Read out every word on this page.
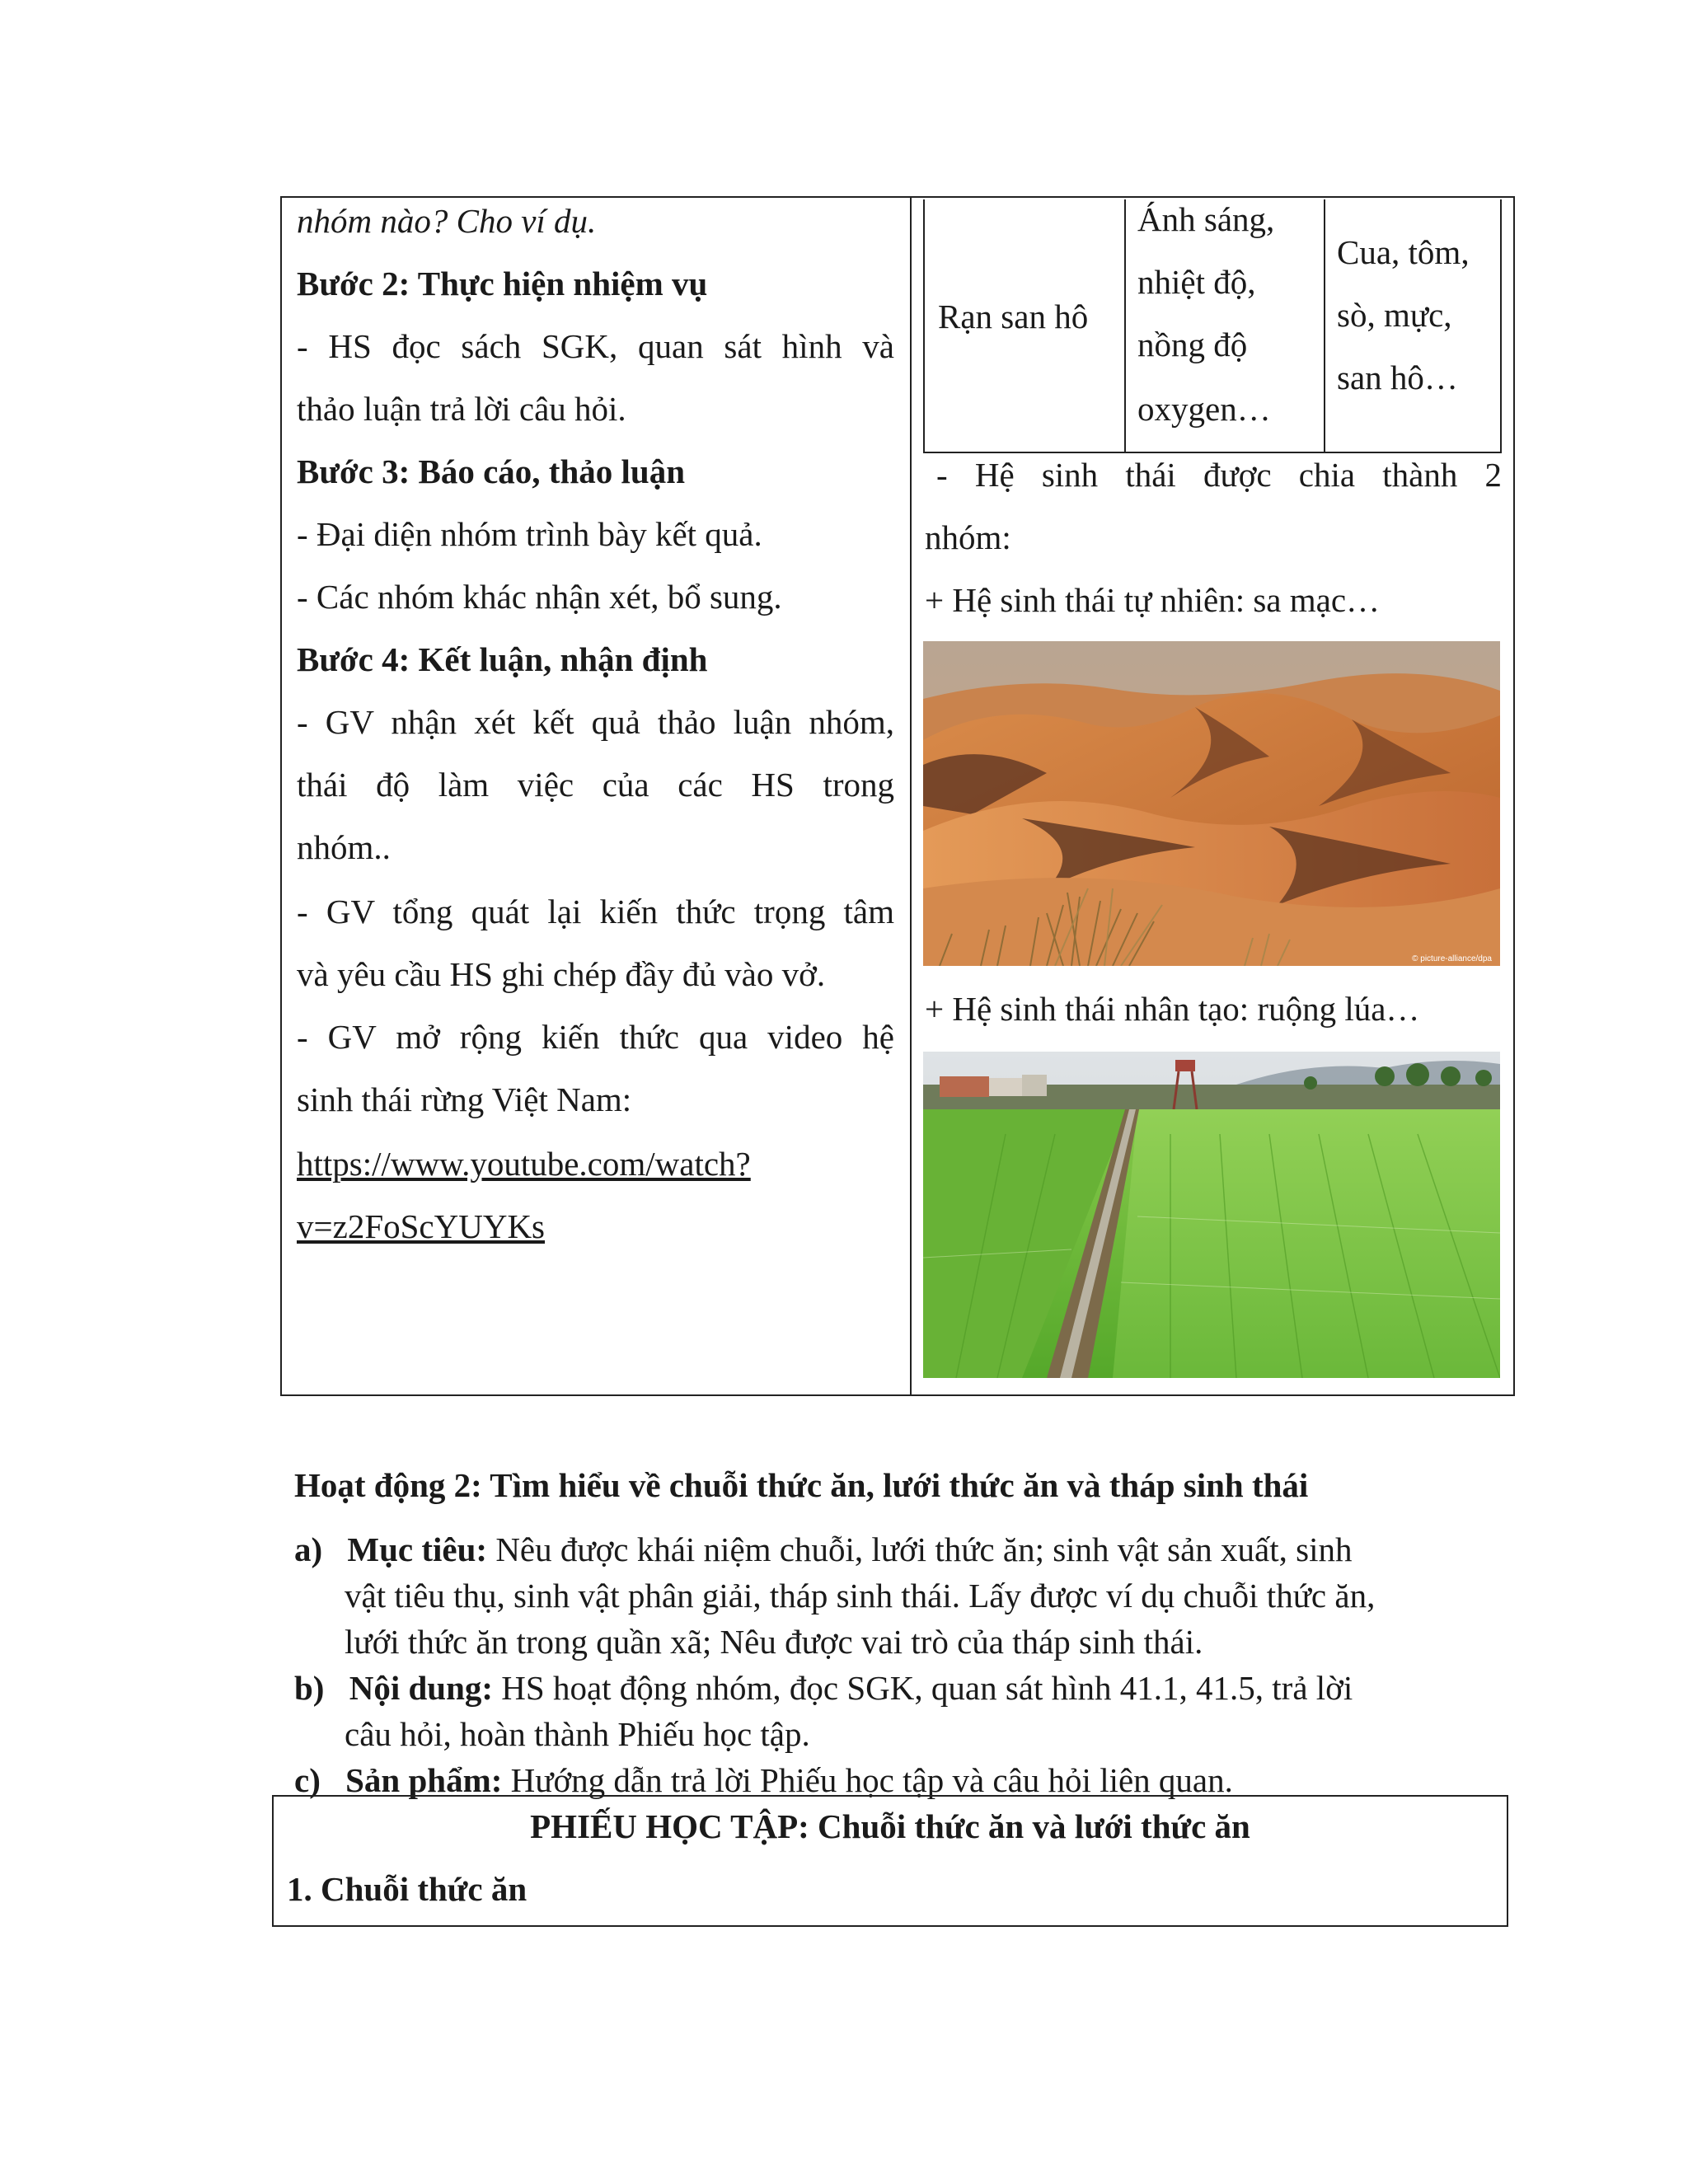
nhóm nào? Cho ví dụ.
Bước 2: Thực hiện nhiệm vụ
- HS đọc sách SGK, quan sát hình và
thảo luận trả lời câu hỏi.
Bước 3: Báo cáo, thảo luận
- Đại diện nhóm trình bày kết quả.
- Các nhóm khác nhận xét, bổ sung.
Bước 4: Kết luận, nhận định
- GV nhận xét kết quả thảo luận nhóm,
thái độ làm việc của các HS trong
nhóm..
- GV tổng quát lại kiến thức trọng tâm
và yêu cầu HS ghi chép đầy đủ vào vở.
- GV mở rộng kiến thức qua video hệ
sinh thái rừng Việt Nam:
https://www.youtube.com/watch?
v=z2FoScYUYKs
Rạn san hô
Ánh sáng,
nhiệt độ,
nồng độ
oxygen…
Cua, tôm,
sò, mực,
san hô…
- Hệ sinh thái được chia thành 2
nhóm:
+ Hệ sinh thái tự nhiên: sa mạc…
+ Hệ sinh thái nhân tạo: ruộng lúa…
© picture-alliance/dpa
Hoạt động 2: Tìm hiểu về chuỗi thức ăn, lưới thức ăn và tháp sinh thái
a) Mục tiêu: Nêu được khái niệm chuỗi, lưới thức ăn; sinh vật sản xuất, sinh
vật tiêu thụ, sinh vật phân giải, tháp sinh thái. Lấy được ví dụ chuỗi thức ăn,
lưới thức ăn trong quần xã; Nêu được vai trò của tháp sinh thái.
b) Nội dung: HS hoạt động nhóm, đọc SGK, quan sát hình 41.1, 41.5, trả lời
câu hỏi, hoàn thành Phiếu học tập.
c) Sản phẩm: Hướng dẫn trả lời Phiếu học tập và câu hỏi liên quan.
PHIẾU HỌC TẬP: Chuỗi thức ăn và lưới thức ăn
1. Chuỗi thức ăn
